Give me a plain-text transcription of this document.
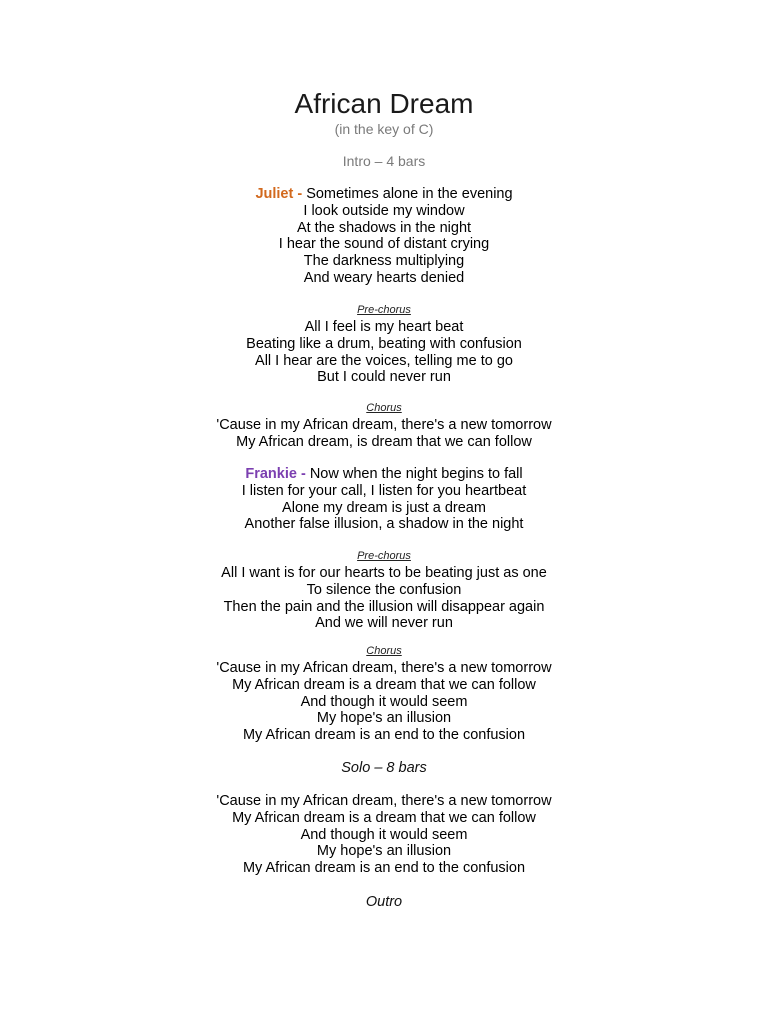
African Dream
(in the key of C)
Intro – 4 bars
Juliet - Sometimes alone in the evening
I look outside my window
At the shadows in the night
I hear the sound of distant crying
The darkness multiplying
And weary hearts denied
Pre-chorus
All I feel is my heart beat
Beating like a drum, beating with confusion
All I hear are the voices, telling me to go
But I could never run
Chorus
'Cause in my African dream, there's a new tomorrow
My African dream, is dream that we can follow
Frankie - Now when the night begins to fall
I listen for your call, I listen for you heartbeat
Alone my dream is just a dream
Another false illusion, a shadow in the night
Pre-chorus
All I want is for our hearts to be beating just as one
To silence the confusion
Then the pain and the illusion will disappear again
And we will never run
Chorus
'Cause in my African dream, there's a new tomorrow
My African dream is a dream that we can follow
And though it would seem
My hope's an illusion
My African dream is an end to the confusion
Solo – 8 bars
'Cause in my African dream, there's a new tomorrow
My African dream is a dream that we can follow
And though it would seem
My hope's an illusion
My African dream is an end to the confusion
Outro
